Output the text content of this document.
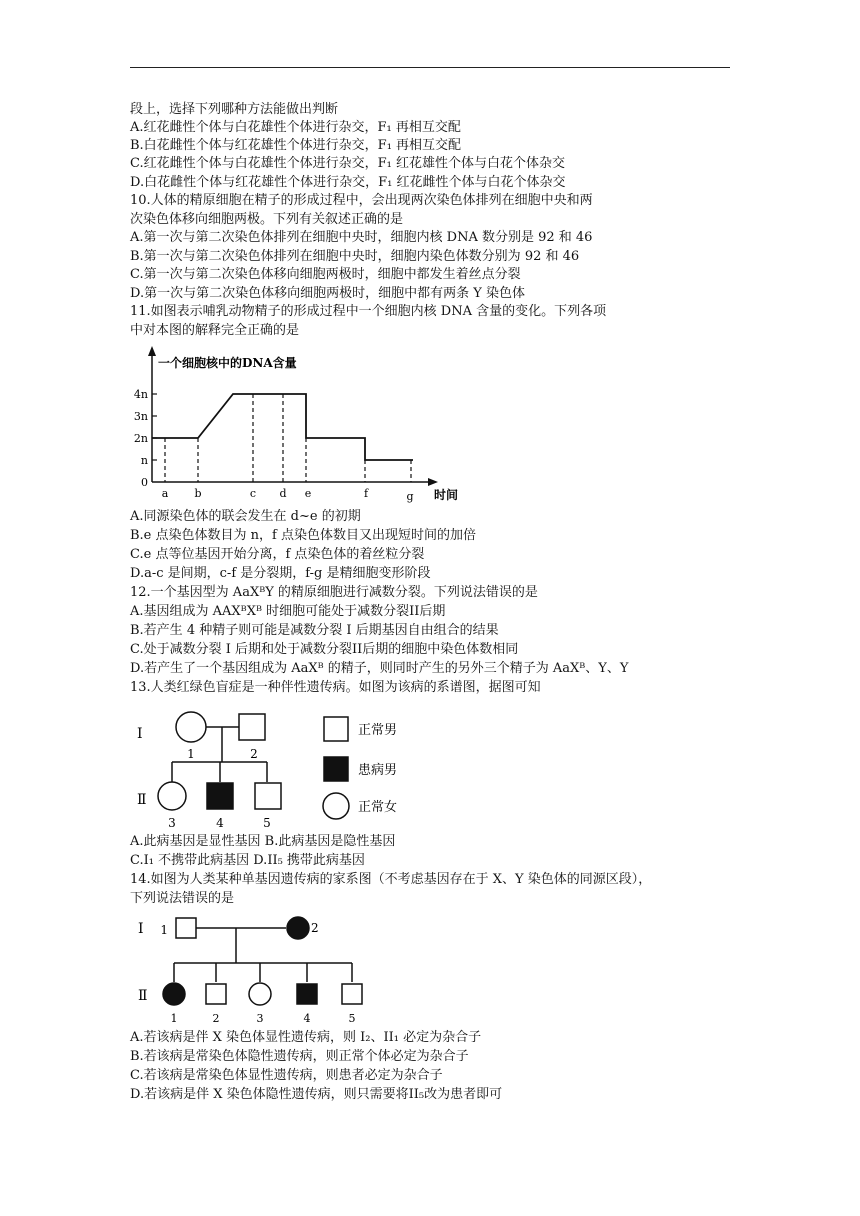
段上，选择下列哪种方法能做出判断
A.红花雌性个体与白花雄性个体进行杂交，F₁ 再相互交配
B.白花雌性个体与红花雄性个体进行杂交，F₁ 再相互交配
C.红花雌性个体与白花雄性个体进行杂交，F₁ 红花雄性个体与白花个体杂交
D.白花雌性个体与红花雄性个体进行杂交，F₁ 红花雌性个体与白花个体杂交
10.人体的精原细胞在精子的形成过程中，会出现两次染色体排列在细胞中央和两
次染色体移向细胞两极。下列有关叙述正确的是
A.第一次与第二次染色体排列在细胞中央时，细胞内核 DNA 数分别是 92 和 46
B.第一次与第二次染色体排列在细胞中央时，细胞内染色体数分别为 92 和 46
C.第一次与第二次染色体移向细胞两极时，细胞中都发生着丝点分裂
D.第一次与第二次染色体移向细胞两极时，细胞中都有两条 Y 染色体
11.如图表示哺乳动物精子的形成过程中一个细胞内核 DNA 含量的变化。下列各项
中对本图的解释完全正确的是
一个细胞核中的DNA含量
4n
3n
2n
n
0
a b	c d e	f	g 时间
A.同源染色体的联会发生在 d~e 的初期
B.e 点染色体数目为 n，f 点染色体数目又出现短时间的加倍
C.e 点等位基因开始分离，f 点染色体的着丝粒分裂
D.a-c 是间期，c-f 是分裂期，f-g 是精细胞变形阶段
12.一个基因型为 AaXᴮY 的精原细胞进行减数分裂。下列说法错误的是
A.基因组成为 AAXᴮXᴮ 时细胞可能处于减数分裂II后期
B.若产生 4 种精子则可能是减数分裂 I 后期基因自由组合的结果
C.处于减数分裂 I 后期和处于减数分裂II后期的细胞中染色体数相同
D.若产生了一个基因组成为 AaXᴮ 的精子，则同时产生的另外三个精子为 AaXᴮ、Y、Y
13.人类红绿色盲症是一种伴性遗传病。如图为该病的系谱图，据图可知
I
Ⅱ
1	2
3	4	5
正常男
患病男
正常女
A.此病基因是显性基因 B.此病基因是隐性基因
C.I₁ 不携带此病基因 D.II₅ 携带此病基因
14.如图为人类某种单基因遗传病的家系图（不考虑基因存在于 X、Y 染色体的同源区段），
下列说法错误的是
I
Ⅱ
1	2
1	2	3	4	5
A.若该病是伴 X 染色体显性遗传病，则 I₂、II₁ 必定为杂合子
B.若该病是常染色体隐性遗传病，则正常个体必定为杂合子
C.若该病是常染色体显性遗传病，则患者必定为杂合子
D.若该病是伴 X 染色体隐性遗传病，则只需要将II₅改为患者即可
